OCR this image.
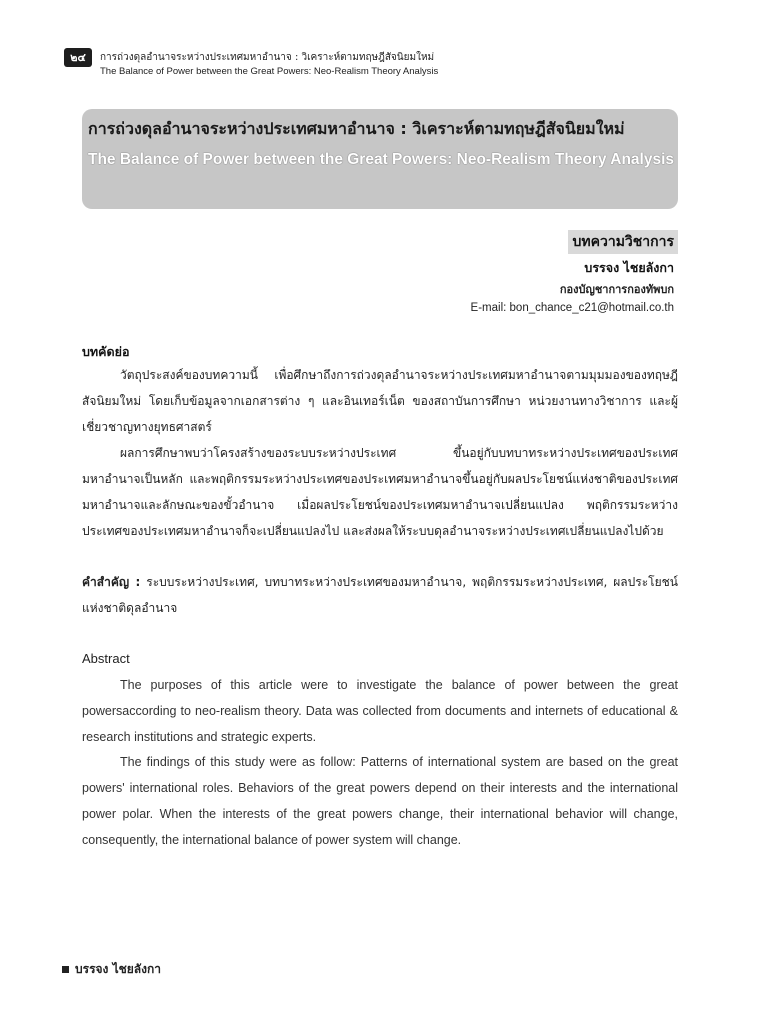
๒๔	การถ่วงดุลอำนาจระหว่างประเทศมหาอำนาจ : วิเคราะห์ตามทฤษฎีสัจนิยมใหม่
The Balance of Power between the Great Powers: Neo-Realism Theory Analysis
การถ่วงดุลอำนาจระหว่างประเทศมหาอำนาจ : วิเคราะห์ตามทฤษฎีสัจนิยมใหม่
The Balance of Power between the Great Powers: Neo-Realism Theory Analysis
บทความวิชาการ
บรรจง ไชยลังกา
กองบัญชาการกองทัพบก
E-mail: bon_chance_c21@hotmail.co.th
บทคัดย่อ

วัตถุประสงค์ของบทความนี้ เพื่อศึกษาถึงการถ่วงดุลอำนาจระหว่างประเทศมหาอำนาจตามมุมมองของทฤษฎีสัจนิยมใหม่ โดยเก็บข้อมูลจากเอกสารต่าง ๆ และอินเทอร์เน็ต ของสถาบันการศึกษา หน่วยงานทางวิชาการ และผู้เชี่ยวชาญทางยุทธศาสตร์

ผลการศึกษาพบว่าโครงสร้างของระบบระหว่างประเทศ ขึ้นอยู่กับบทบาทระหว่างประเทศของประเทศมหาอำนาจเป็นหลัก และพฤติกรรมระหว่างประเทศของประเทศมหาอำนาจขึ้นอยู่กับผลประโยชน์แห่งชาติของประเทศมหาอำนาจและลักษณะของขั้วอำนาจ เมื่อผลประโยชน์ของประเทศมหาอำนาจเปลี่ยนแปลง พฤติกรรมระหว่างประเทศของประเทศมหาอำนาจก็จะเปลี่ยนแปลงไป และส่งผลให้ระบบดุลอำนาจระหว่างประเทศเปลี่ยนแปลงไปด้วย

คำสำคัญ : ระบบระหว่างประเทศ, บทบาทระหว่างประเทศของมหาอำนาจ, พฤติกรรมระหว่างประเทศ, ผลประโยชน์แห่งชาติดุลอำนาจ

Abstract

The purposes of this article were to investigate the balance of power between the great powersaccording to neo-realism theory. Data was collected from documents and internets of educational & research institutions and strategic experts.

The findings of this study were as follow: Patterns of international system are based on the great powers' international roles. Behaviors of the great powers depend on their interests and the international power polar. When the interests of the great powers change, their international behavior will change, consequently, the international balance of power system will change.

บรรจง ไชยลังกา
